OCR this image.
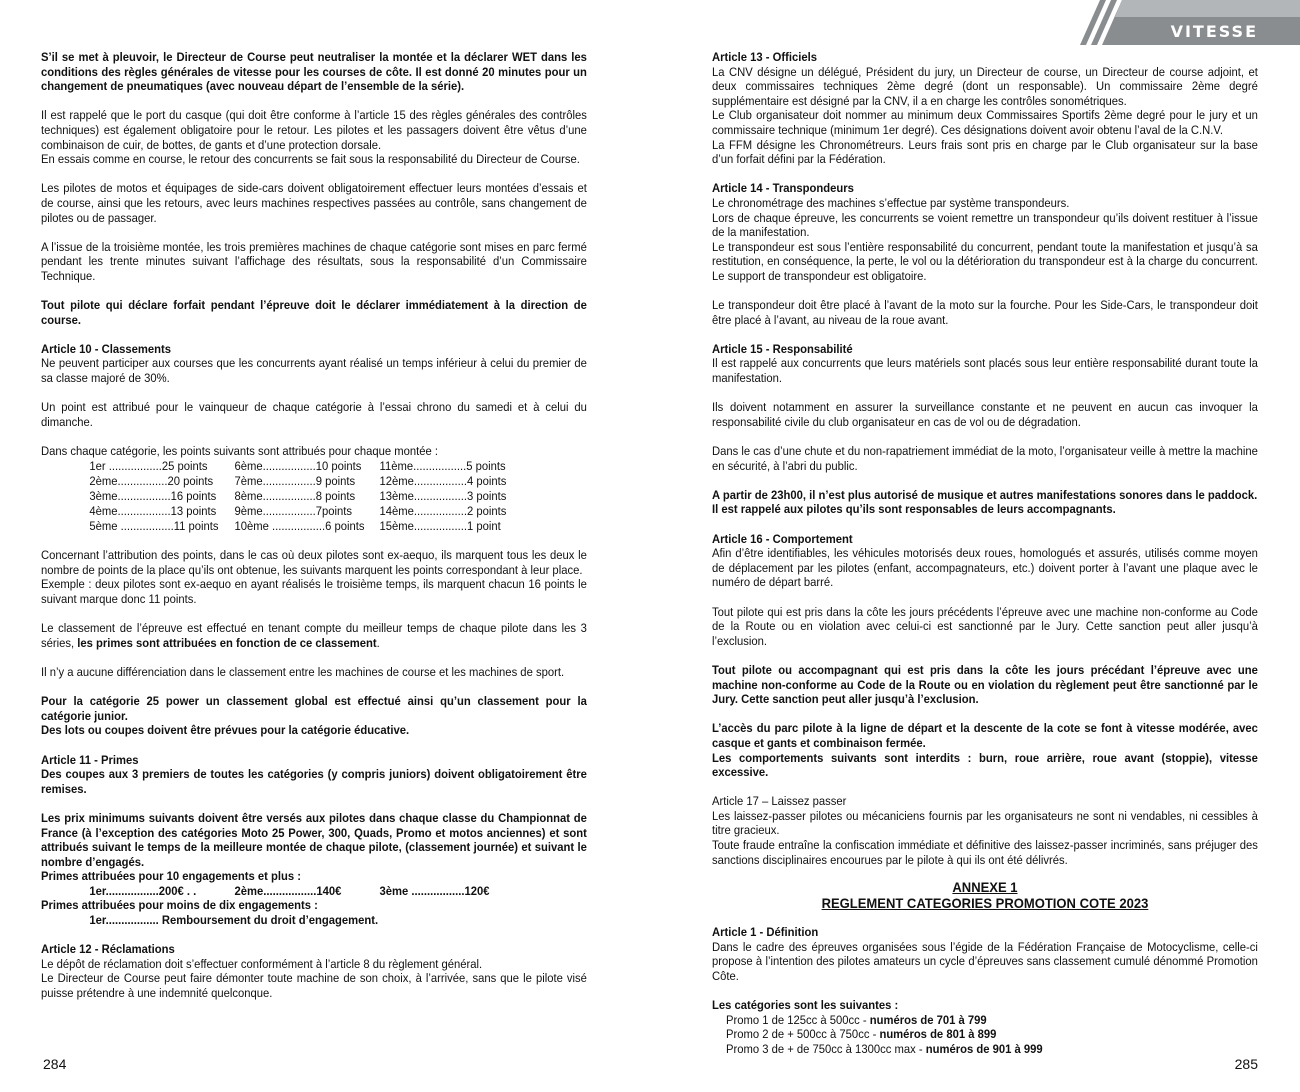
VITESSE

S’il se met à pleuvoir, le Directeur de Course peut neutraliser la montée et la déclarer WET dans les conditions des règles générales de vitesse pour les courses de côte. Il est donné 20 minutes pour un changement de pneumatiques (avec nouveau départ de l’ensemble de la série).

Il est rappelé que le port du casque (qui doit être conforme à l’article 15 des règles générales des contrôles techniques) est également obligatoire pour le retour. Les pilotes et les passagers doivent être vêtus d’une combinaison de cuir, de bottes, de gants et d’une protection dorsale.

En essais comme en course, le retour des concurrents se fait sous la responsabilité du Directeur de Course.

Les pilotes de motos et équipages de side-cars doivent obligatoirement effectuer leurs montées d’essais et de course, ainsi que les retours, avec leurs machines respectives passées au contrôle, sans changement de pilotes ou de passager.

A l’issue de la troisième montée, les trois premières machines de chaque catégorie sont mises en parc fermé pendant les trente minutes suivant l’affichage des résultats, sous la responsabilité d’un Commissaire Technique.

Tout pilote qui déclare forfait pendant l’épreuve doit le déclarer immédiatement à la direction de course.

Article 10 - Classements

Ne peuvent participer aux courses que les concurrents ayant réalisé un temps inférieur à celui du premier de sa classe majoré de 30%.

Un point est attribué pour le vainqueur de chaque catégorie à l’essai chrono du samedi et à celui du dimanche.

Dans chaque catégorie, les points suivants sont attribués pour chaque montée :

1er .................25 points	6ème.................10 points	11ème.................5 points
2ème................20 points	7ème.................9 points	12ème.................4 points
3ème.................16 points	8ème.................8 points	13ème.................3 points
4ème.................13 points	9ème.................7points	14ème.................2 points
5ème .................11 points	10ème .................6 points	15ème.................1 point

Concernant l’attribution des points, dans le cas où deux pilotes sont ex-aequo, ils marquent tous les deux le nombre de points de la place qu’ils ont obtenue, les suivants marquent les points correspondant à leur place.

Exemple : deux pilotes sont ex-aequo en ayant réalisés le troisième temps, ils marquent chacun 16 points le suivant marque donc 11 points.

Le classement de l’épreuve est effectué en tenant compte du meilleur temps de chaque pilote dans les 3 séries, les primes sont attribuées en fonction de ce classement.

Il n’y a aucune différenciation dans le classement entre les machines de course et les machines de sport.

Pour la catégorie 25 power un classement global est effectué ainsi qu’un classement pour la catégorie junior.

Des lots ou coupes doivent être prévues pour la catégorie éducative.

Article 11 - Primes

Des coupes aux 3 premiers de toutes les catégories (y compris juniors) doivent obligatoirement être remises.

Les prix minimums suivants doivent être versés aux pilotes dans chaque classe du Championnat de France (à l’exception des catégories Moto 25 Power, 300, Quads, Promo et motos anciennes) et sont attribués suivant le temps de la meilleure montée de chaque pilote, (classement journée) et suivant le nombre d’engagés.

Primes attribuées pour 10 engagements et plus :

1er.................200€ . .	2ème.................140€	3ème .................120€

Primes attribuées pour moins de dix engagements :

1er................. Remboursement du droit d’engagement.

Article 12 - Réclamations

Le dépôt de réclamation doit s’effectuer conformément à l’article 8 du règlement général.

Le Directeur de Course peut faire démonter toute machine de son choix, à l’arrivée, sans que le pilote visé puisse prétendre à une indemnité quelconque.

284

Article 13 - Officiels

La CNV désigne un délégué, Président du jury, un Directeur de course, un Directeur de course adjoint, et deux commissaires techniques 2ème degré (dont un responsable). Un commissaire 2ème degré supplémentaire est désigné par la CNV, il a en charge les contrôles sonométriques.

Le Club organisateur doit nommer au minimum deux Commissaires Sportifs 2ème degré pour le jury et un commissaire technique (minimum 1er degré). Ces désignations doivent avoir obtenu l’aval de la C.N.V.

La FFM désigne les Chronométreurs. Leurs frais sont pris en charge par le Club organisateur sur la base d’un forfait défini par la Fédération.

Article 14 - Transpondeurs

Le chronométrage des machines s’effectue par système transpondeurs.

Lors de chaque épreuve, les concurrents se voient remettre un transpondeur qu’ils doivent restituer à l’issue de la manifestation.

Le transpondeur est sous l’entière responsabilité du concurrent, pendant toute la manifestation et jusqu’à sa restitution, en conséquence, la perte, le vol ou la détérioration du transpondeur est à la charge du concurrent. Le support de transpondeur est obligatoire.

Le transpondeur doit être placé à l’avant de la moto sur la fourche. Pour les Side-Cars, le transpondeur doit être placé à l’avant, au niveau de la roue avant.

Article 15 - Responsabilité

Il est rappelé aux concurrents que leurs matériels sont placés sous leur entière responsabilité durant toute la manifestation.

Ils doivent notamment en assurer la surveillance constante et ne peuvent en aucun cas invoquer la responsabilité civile du club organisateur en cas de vol ou de dégradation.

Dans le cas d’une chute et du non-rapatriement immédiat de la moto, l’organisateur veille à mettre la machine en sécurité, à l’abri du public.

A partir de 23h00, il n’est plus autorisé de musique et autres manifestations sonores dans le paddock.

Il est rappelé aux pilotes qu’ils sont responsables de leurs accompagnants.

Article 16 - Comportement

Afin d’être identifiables, les véhicules motorisés deux roues, homologués et assurés, utilisés comme moyen de déplacement par les pilotes (enfant, accompagnateurs, etc.) doivent porter à l’avant une plaque avec le numéro de départ barré.

Tout pilote qui est pris dans la côte les jours précédents l’épreuve avec une machine non-conforme au Code de la Route ou en violation avec celui-ci est sanctionné par le Jury. Cette sanction peut aller jusqu’à l’exclusion.

Tout pilote ou accompagnant qui est pris dans la côte les jours précédant l’épreuve avec une machine non-conforme au Code de la Route ou en violation du règlement peut être sanctionné par le Jury. Cette sanction peut aller jusqu’à l’exclusion.

L’accès du parc pilote à la ligne de départ et la descente de la cote se font à vitesse modérée, avec casque et gants et combinaison fermée.

Les comportements suivants sont interdits : burn, roue arrière, roue avant (stoppie), vitesse excessive.

Article 17 – Laissez passer

Les laissez-passer pilotes ou mécaniciens fournis par les organisateurs ne sont ni vendables, ni cessibles à titre gracieux.

Toute fraude entraîne la confiscation immédiate et définitive des laissez-passer incriminés, sans préjuger des sanctions disciplinaires encourues par le pilote à qui ils ont été délivrés.

ANNEXE 1
REGLEMENT CATEGORIES PROMOTION COTE 2023

Article 1 - Définition

Dans le cadre des épreuves organisées sous l’égide de la Fédération Française de Motocyclisme, celle-ci propose à l’intention des pilotes amateurs un cycle d’épreuves sans classement cumulé dénommé Promotion Côte.

Les catégories sont les suivantes :

Promo 1 de 125cc à 500cc - numéros de 701 à 799
Promo 2 de + 500cc à 750cc - numéros de 801 à 899
Promo 3 de + de 750cc à 1300cc max - numéros de 901 à 999
285
